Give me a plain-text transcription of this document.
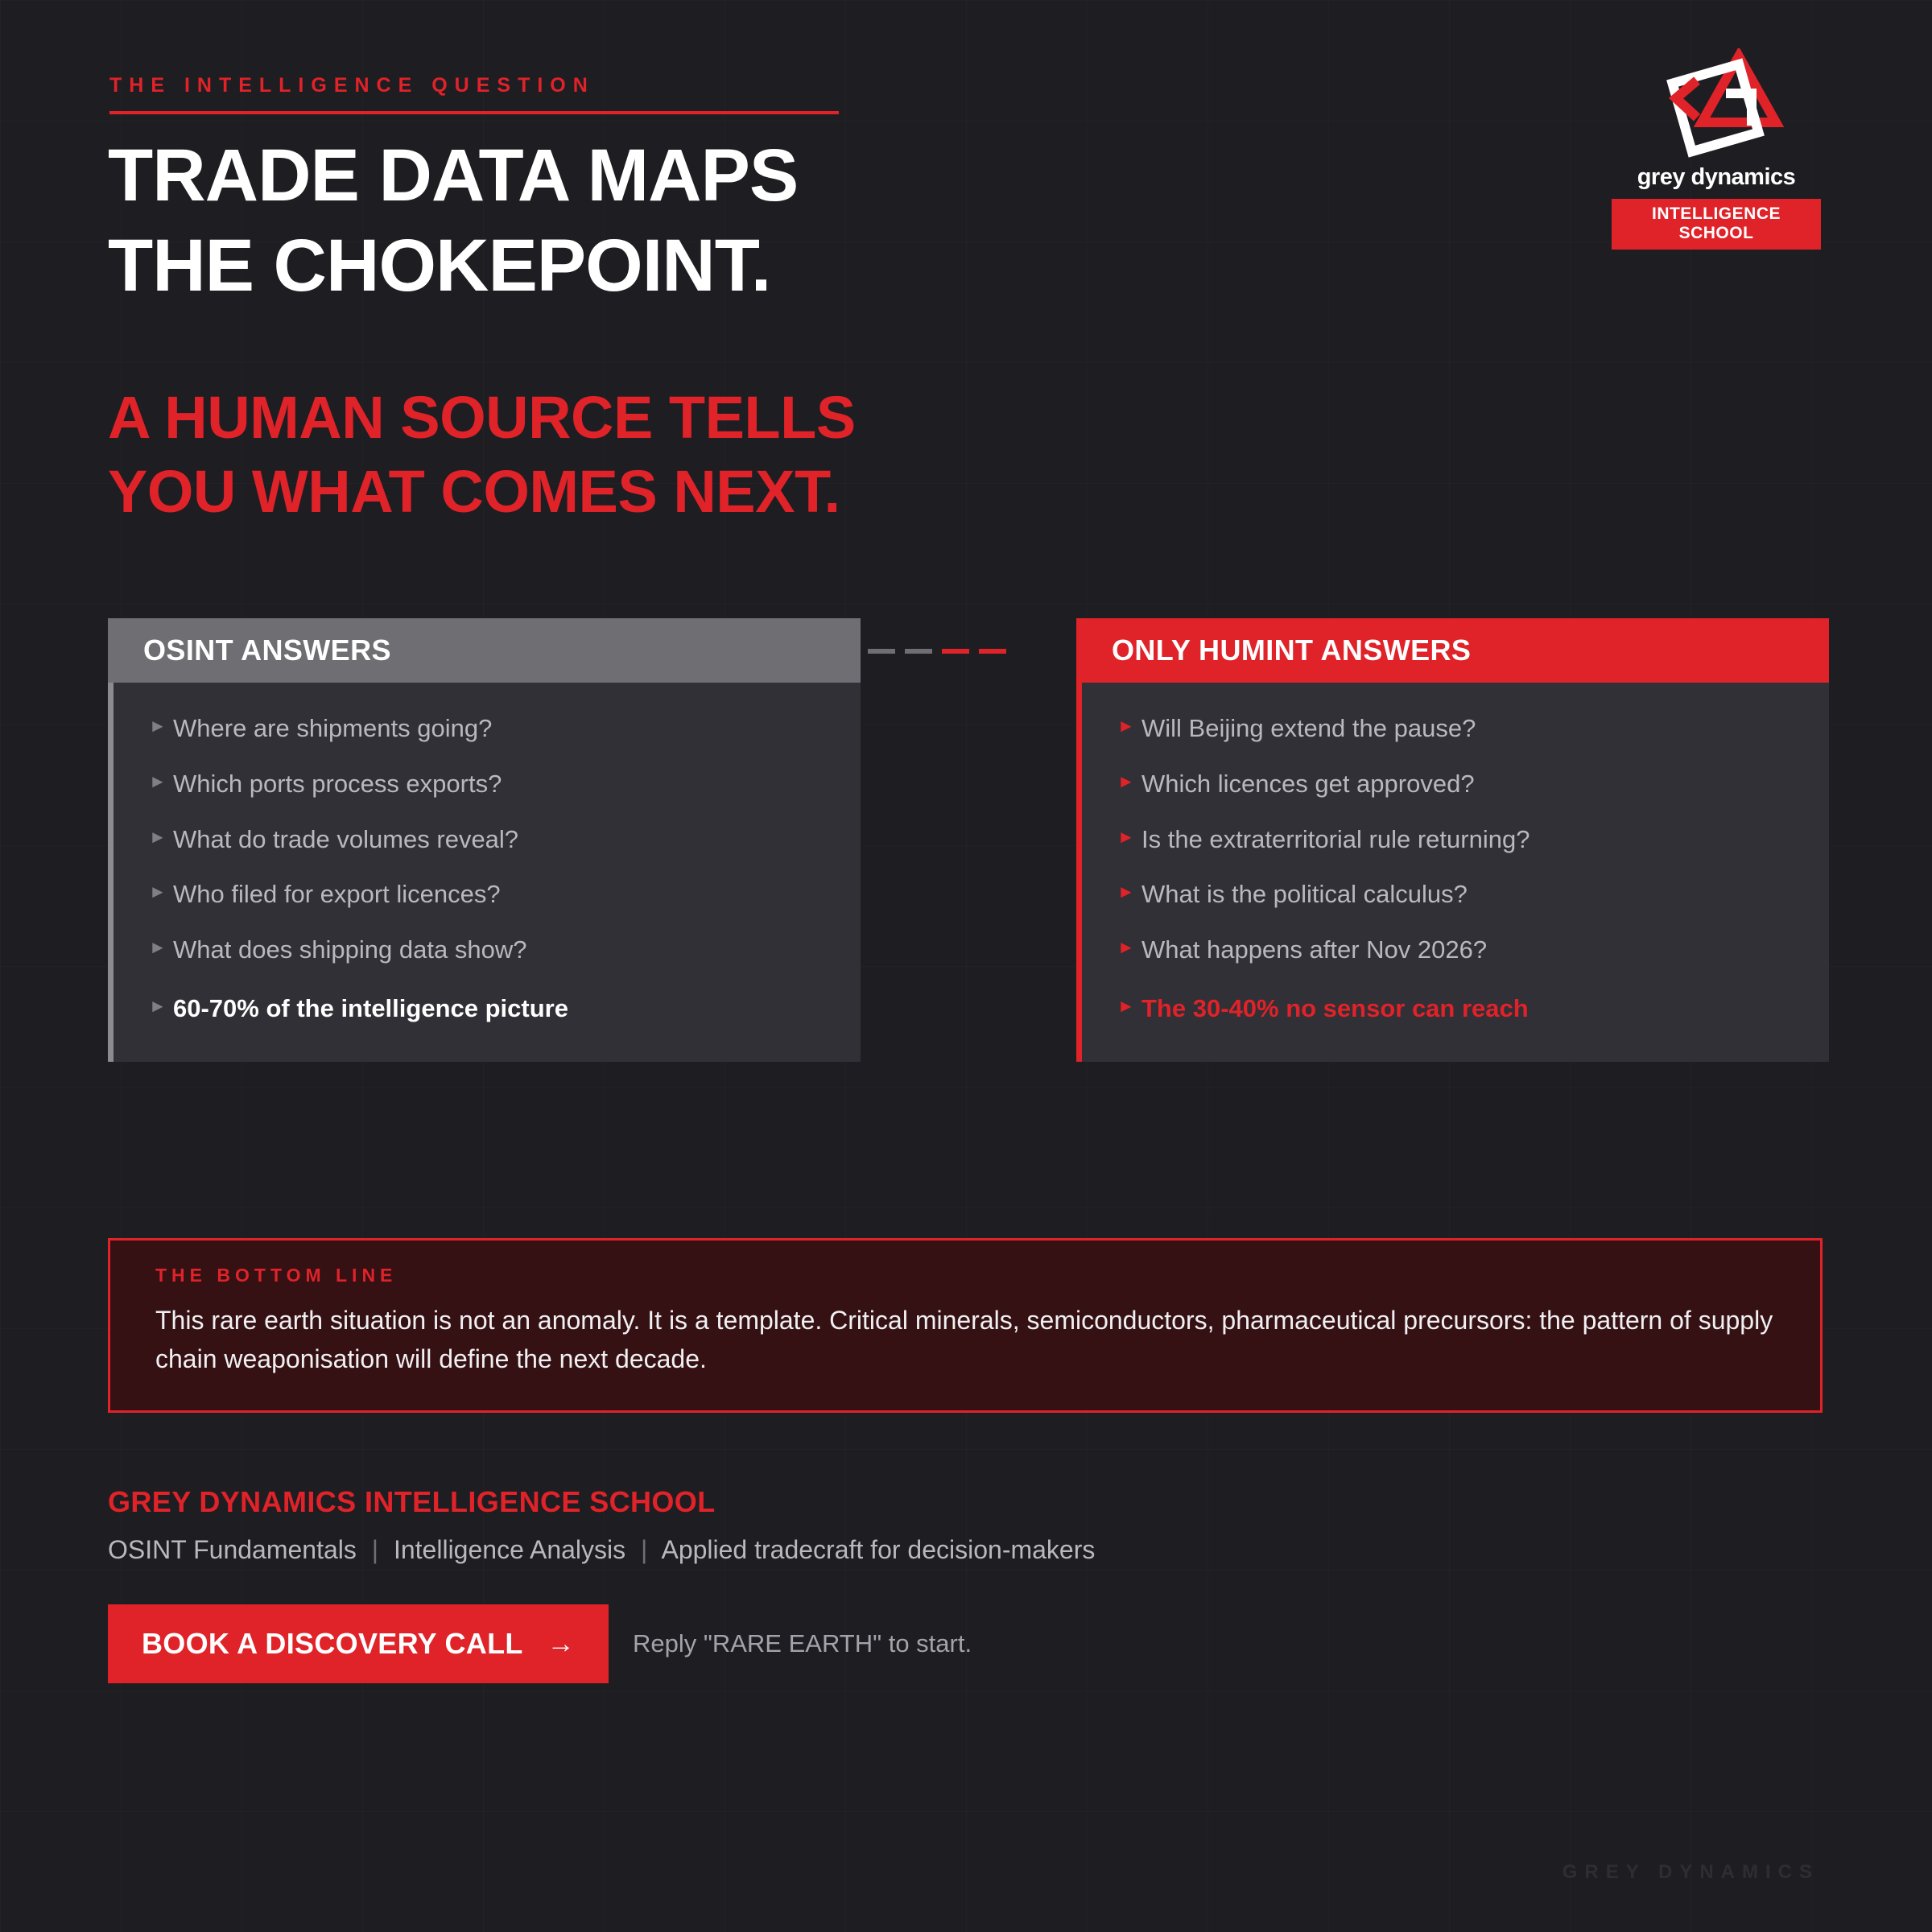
THE INTELLIGENCE QUESTION
TRADE DATA MAPS
THE CHOKEPOINT.
A HUMAN SOURCE TELLS
YOU WHAT COMES NEXT.
grey dynamics
INTELLIGENCE SCHOOL
OSINT ANSWERS
► Where are shipments going?
► Which ports process exports?
► What do trade volumes reveal?
► Who filed for export licences?
► What does shipping data show?
► 60-70% of the intelligence picture
ONLY HUMINT ANSWERS
► Will Beijing extend the pause?
► Which licences get approved?
► Is the extraterritorial rule returning?
► What is the political calculus?
► What happens after Nov 2026?
► The 30-40% no sensor can reach
THE BOTTOM LINE
This rare earth situation is not an anomaly. It is a template. Critical minerals, semiconductors, pharmaceutical precursors: the pattern of supply chain weaponisation will define the next decade.
GREY DYNAMICS INTELLIGENCE SCHOOL
OSINT Fundamentals | Intelligence Analysis | Applied tradecraft for decision-makers
BOOK A DISCOVERY CALL → Reply "RARE EARTH" to start.
GREY DYNAMICS
